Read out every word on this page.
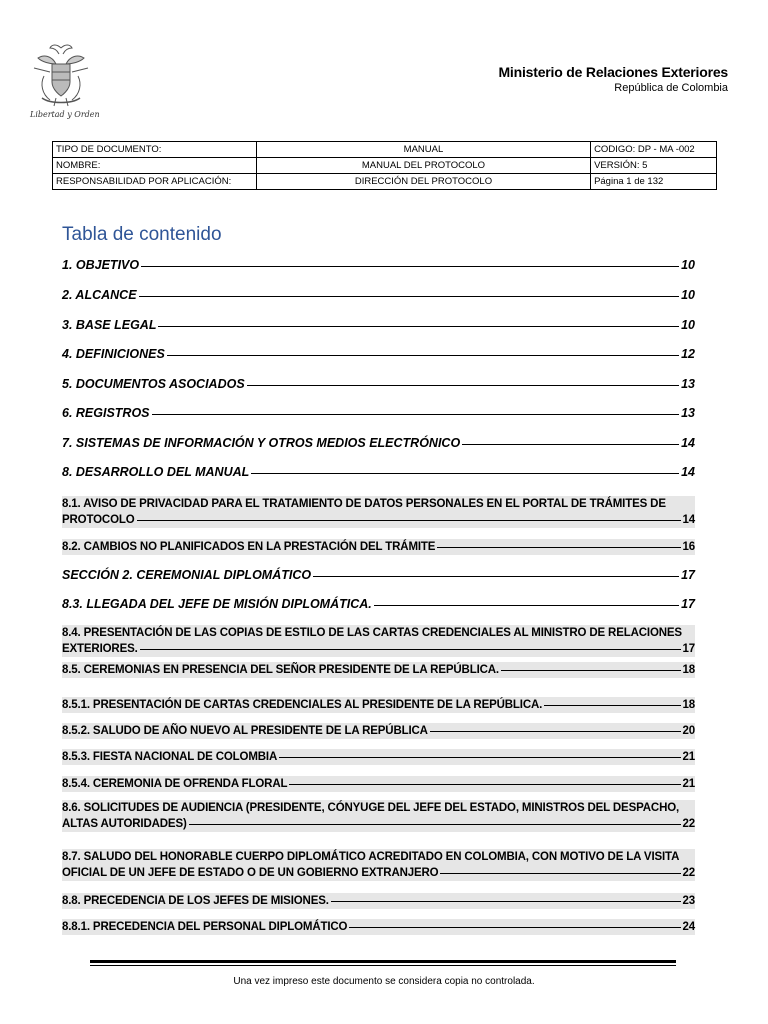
Libertad y Orden
Ministerio de Relaciones Exteriores
República de Colombia
TIPO DE DOCUMENTO:	MANUAL	CODIGO: DP - MA -002
NOMBRE:	MANUAL DEL PROTOCOLO	VERSIÓN: 5
RESPONSABILIDAD POR APLICACIÓN:	DIRECCIÓN DEL PROTOCOLO	Página 1 de 132
Tabla de contenido
1. OBJETIVO	10
2. ALCANCE	10
3. BASE LEGAL	10
4. DEFINICIONES	12
5. DOCUMENTOS ASOCIADOS	13
6. REGISTROS	13
7. SISTEMAS DE INFORMACIÓN Y OTROS MEDIOS ELECTRÓNICO	14
8. DESARROLLO DEL MANUAL	14
8.1. AVISO DE PRIVACIDAD PARA EL TRATAMIENTO DE DATOS PERSONALES EN EL PORTAL DE TRÁMITES DE
PROTOCOLO	14
8.2. CAMBIOS NO PLANIFICADOS EN LA PRESTACIÓN DEL TRÁMITE	16
SECCIÓN 2. CEREMONIAL DIPLOMÁTICO	17
8.3. LLEGADA DEL JEFE DE MISIÓN DIPLOMÁTICA.	17
8.4. PRESENTACIÓN DE LAS COPIAS DE ESTILO DE LAS CARTAS CREDENCIALES AL MINISTRO DE RELACIONES
EXTERIORES.	17
8.5. CEREMONIAS EN PRESENCIA DEL SEÑOR PRESIDENTE DE LA REPÚBLICA.	18
8.5.1. PRESENTACIÓN DE CARTAS CREDENCIALES AL PRESIDENTE DE LA REPÚBLICA.	18
8.5.2. SALUDO DE AÑO NUEVO AL PRESIDENTE DE LA REPÚBLICA	20
8.5.3. FIESTA NACIONAL DE COLOMBIA	21
8.5.4. CEREMONIA DE OFRENDA FLORAL	21
8.6. SOLICITUDES DE AUDIENCIA (PRESIDENTE, CÓNYUGE DEL JEFE DEL ESTADO, MINISTROS DEL DESPACHO,
ALTAS AUTORIDADES)	22
8.7. SALUDO DEL HONORABLE CUERPO DIPLOMÁTICO ACREDITADO EN COLOMBIA, CON MOTIVO DE LA VISITA
OFICIAL DE UN JEFE DE ESTADO O DE UN GOBIERNO EXTRANJERO	22
8.8. PRECEDENCIA DE LOS JEFES DE MISIONES.	23
8.8.1. PRECEDENCIA DEL PERSONAL DIPLOMÁTICO	24
Una vez impreso este documento se considera copia no controlada.
